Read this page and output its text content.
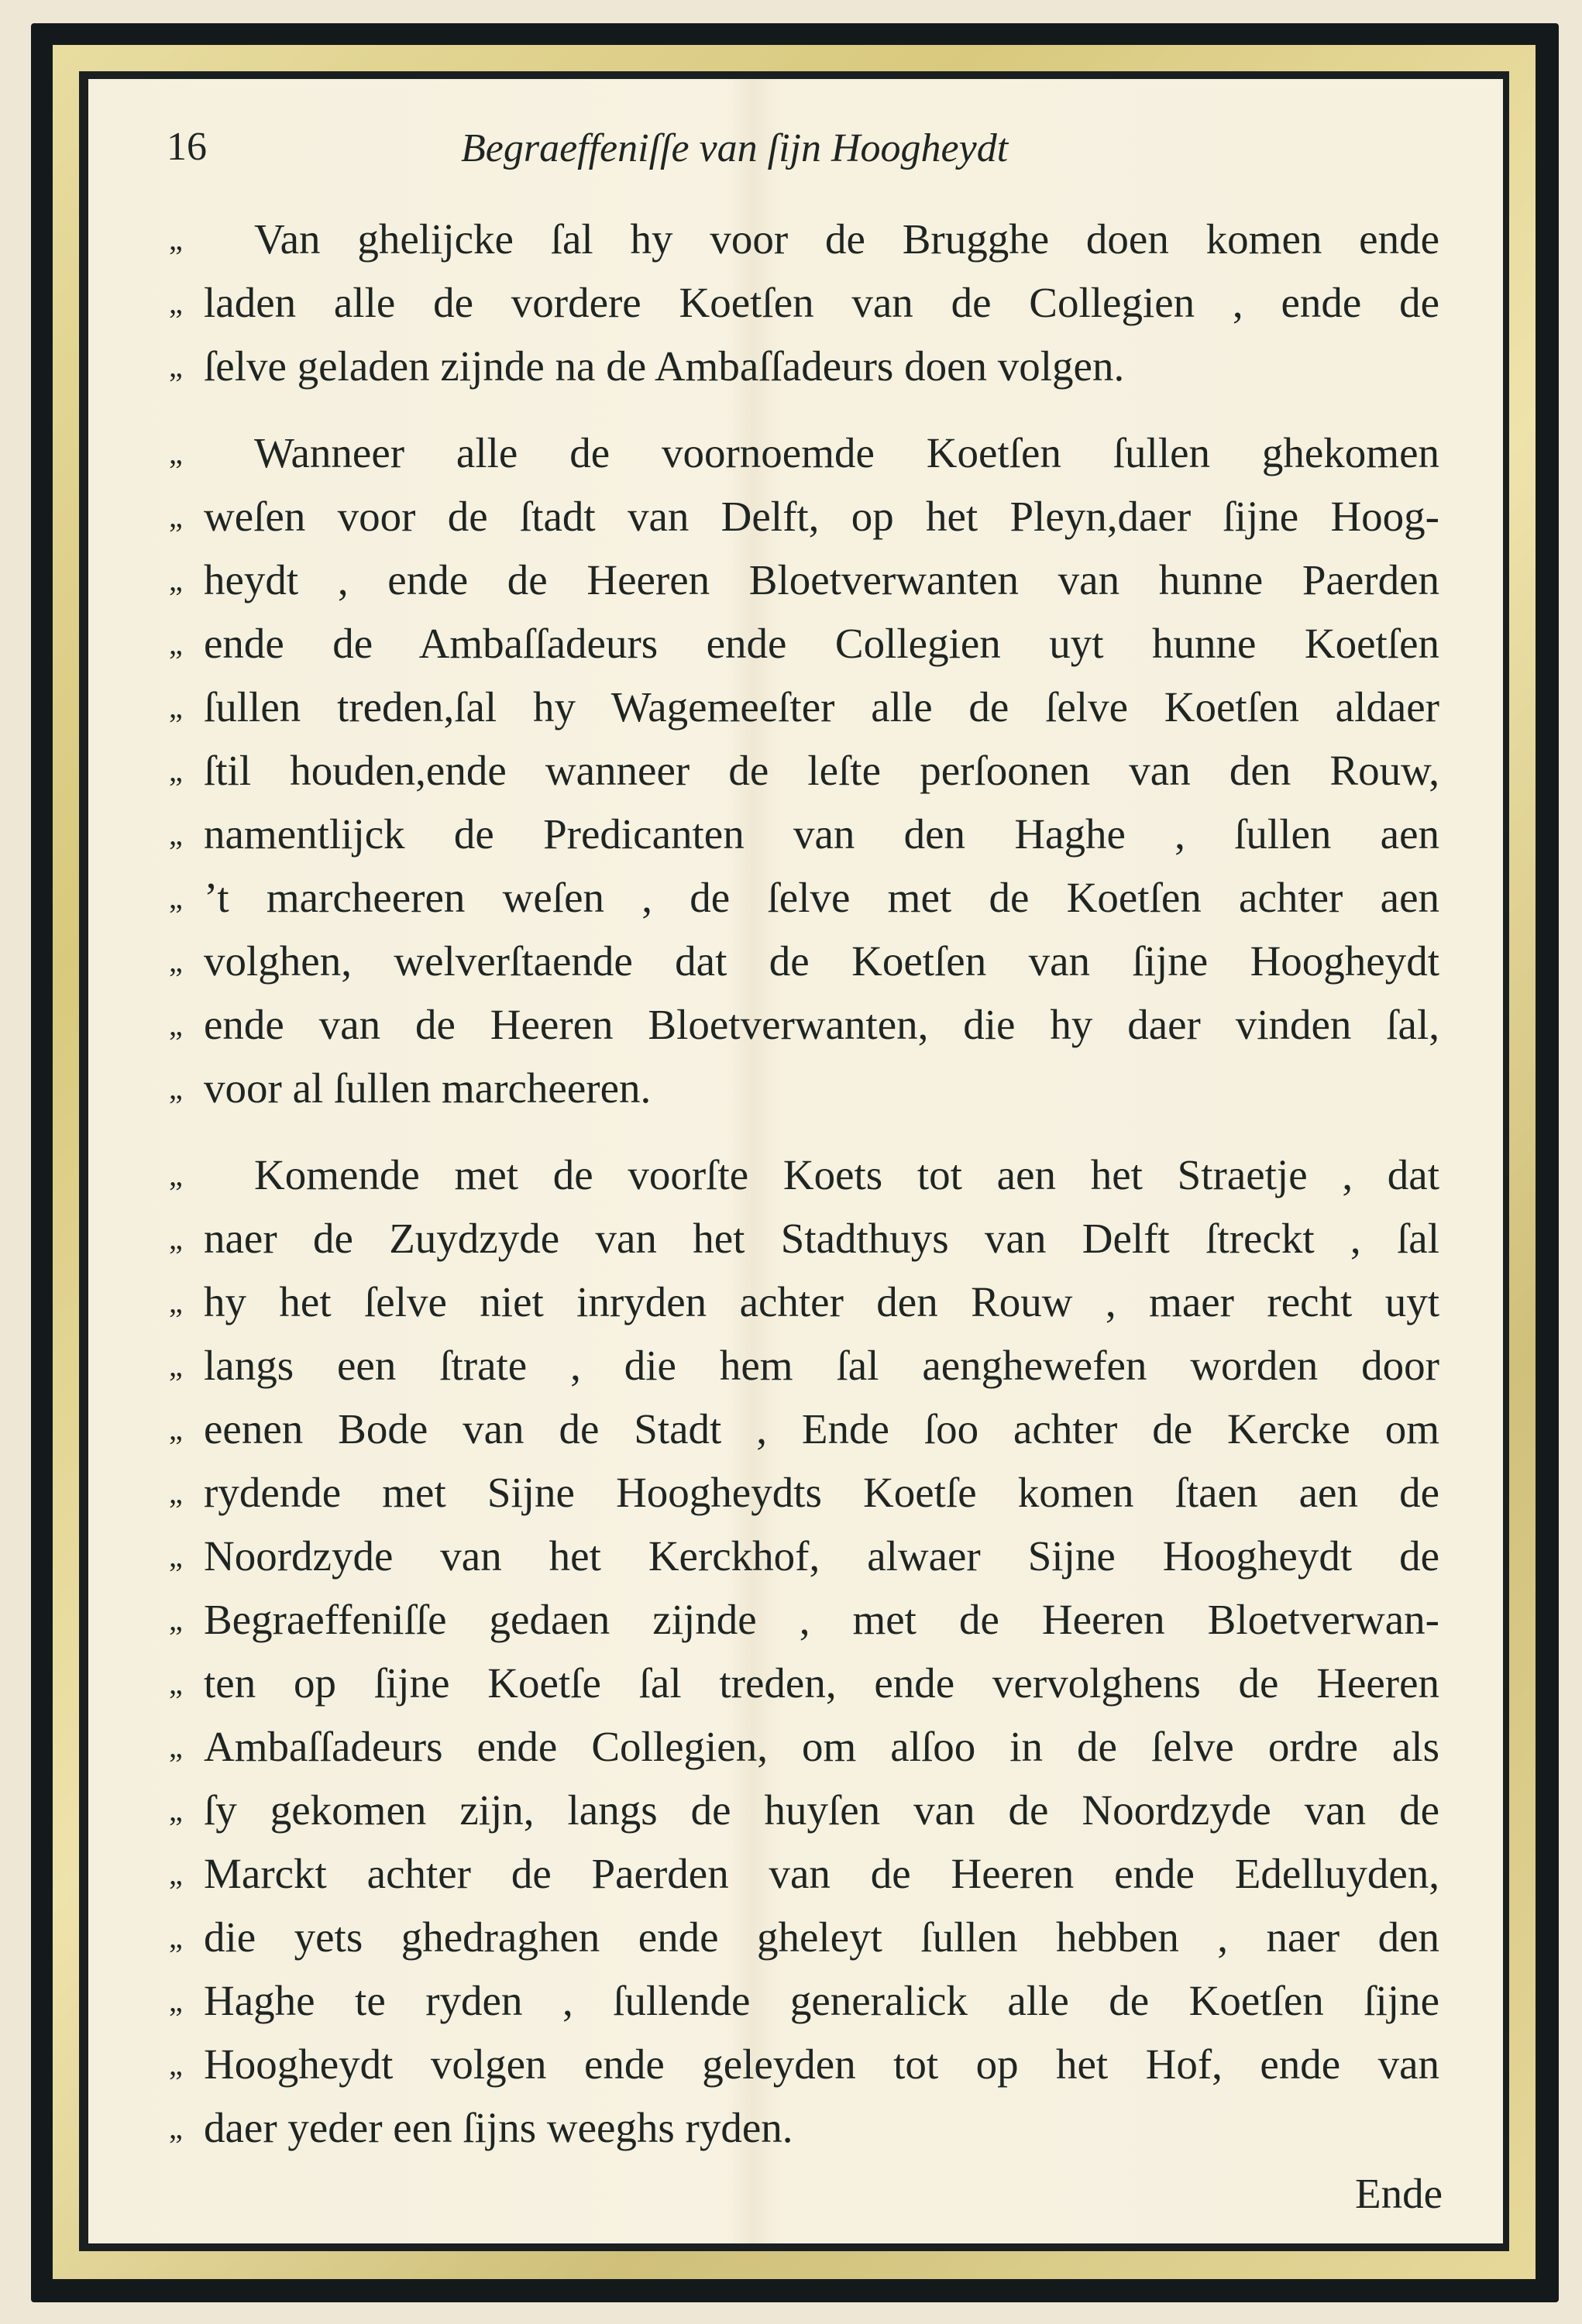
16	Begraeffeniſſe van ſijn Hoogheydt
„	Van ghelijcke ſal hy voor de Brugghe doen komen ende
„ laden alle de vordere Koetſen van de Collegien , ende de
„ ſelve geladen zijnde na de Ambaſſadeurs doen volgen.
„	Wanneer alle de voornoemde Koetſen ſullen ghekomen
„ weſen voor de ſtadt van Delft, op het Pleyn,daer ſijne Hoog-
„ heydt , ende de Heeren Bloetverwanten van hunne Paerden
„ ende de Ambaſſadeurs ende Collegien uyt hunne Koetſen
„ ſullen treden,ſal hy Wagemeeſter alle de ſelve Koetſen aldaer
„ ſtil houden,ende wanneer de leſte perſoonen van den Rouw,
„ namentlijck de Predicanten van den Haghe , ſullen aen
„ ’t marcheeren weſen , de ſelve met de Koetſen achter aen
„ volghen, welverſtaende dat de Koetſen van ſijne Hoogheydt
„ ende van de Heeren Bloetverwanten, die hy daer vinden ſal,
„ voor al ſullen marcheeren.
„	Komende met de voorſte Koets tot aen het Straetje , dat
„ naer de Zuydzyde van het Stadthuys van Delft ſtreckt , ſal
„ hy het ſelve niet inryden achter den Rouw , maer recht uyt
„ langs een ſtrate , die hem ſal aenghewefen worden door
„ eenen Bode van de Stadt , Ende ſoo achter de Kercke om
„ rydende met Sijne Hoogheydts Koetſe komen ſtaen aen de
„ Noordzyde van het Kerckhof, alwaer Sijne Hoogheydt de
„ Begraeffeniſſe gedaen zijnde , met de Heeren Bloetverwan-
„ ten op ſijne Koetſe ſal treden, ende vervolghens de Heeren
„ Ambaſſadeurs ende Collegien, om alſoo in de ſelve ordre als
„ ſy gekomen zijn, langs de huyſen van de Noordzyde van de
„ Marckt achter de Paerden van de Heeren ende Edelluyden,
„ die yets ghedraghen ende gheleyt ſullen hebben , naer den
„ Haghe te ryden , ſullende generalick alle de Koetſen ſijne
„ Hoogheydt volgen ende geleyden tot op het Hof, ende van
„ daer yeder een ſijns weeghs ryden.
Ende
